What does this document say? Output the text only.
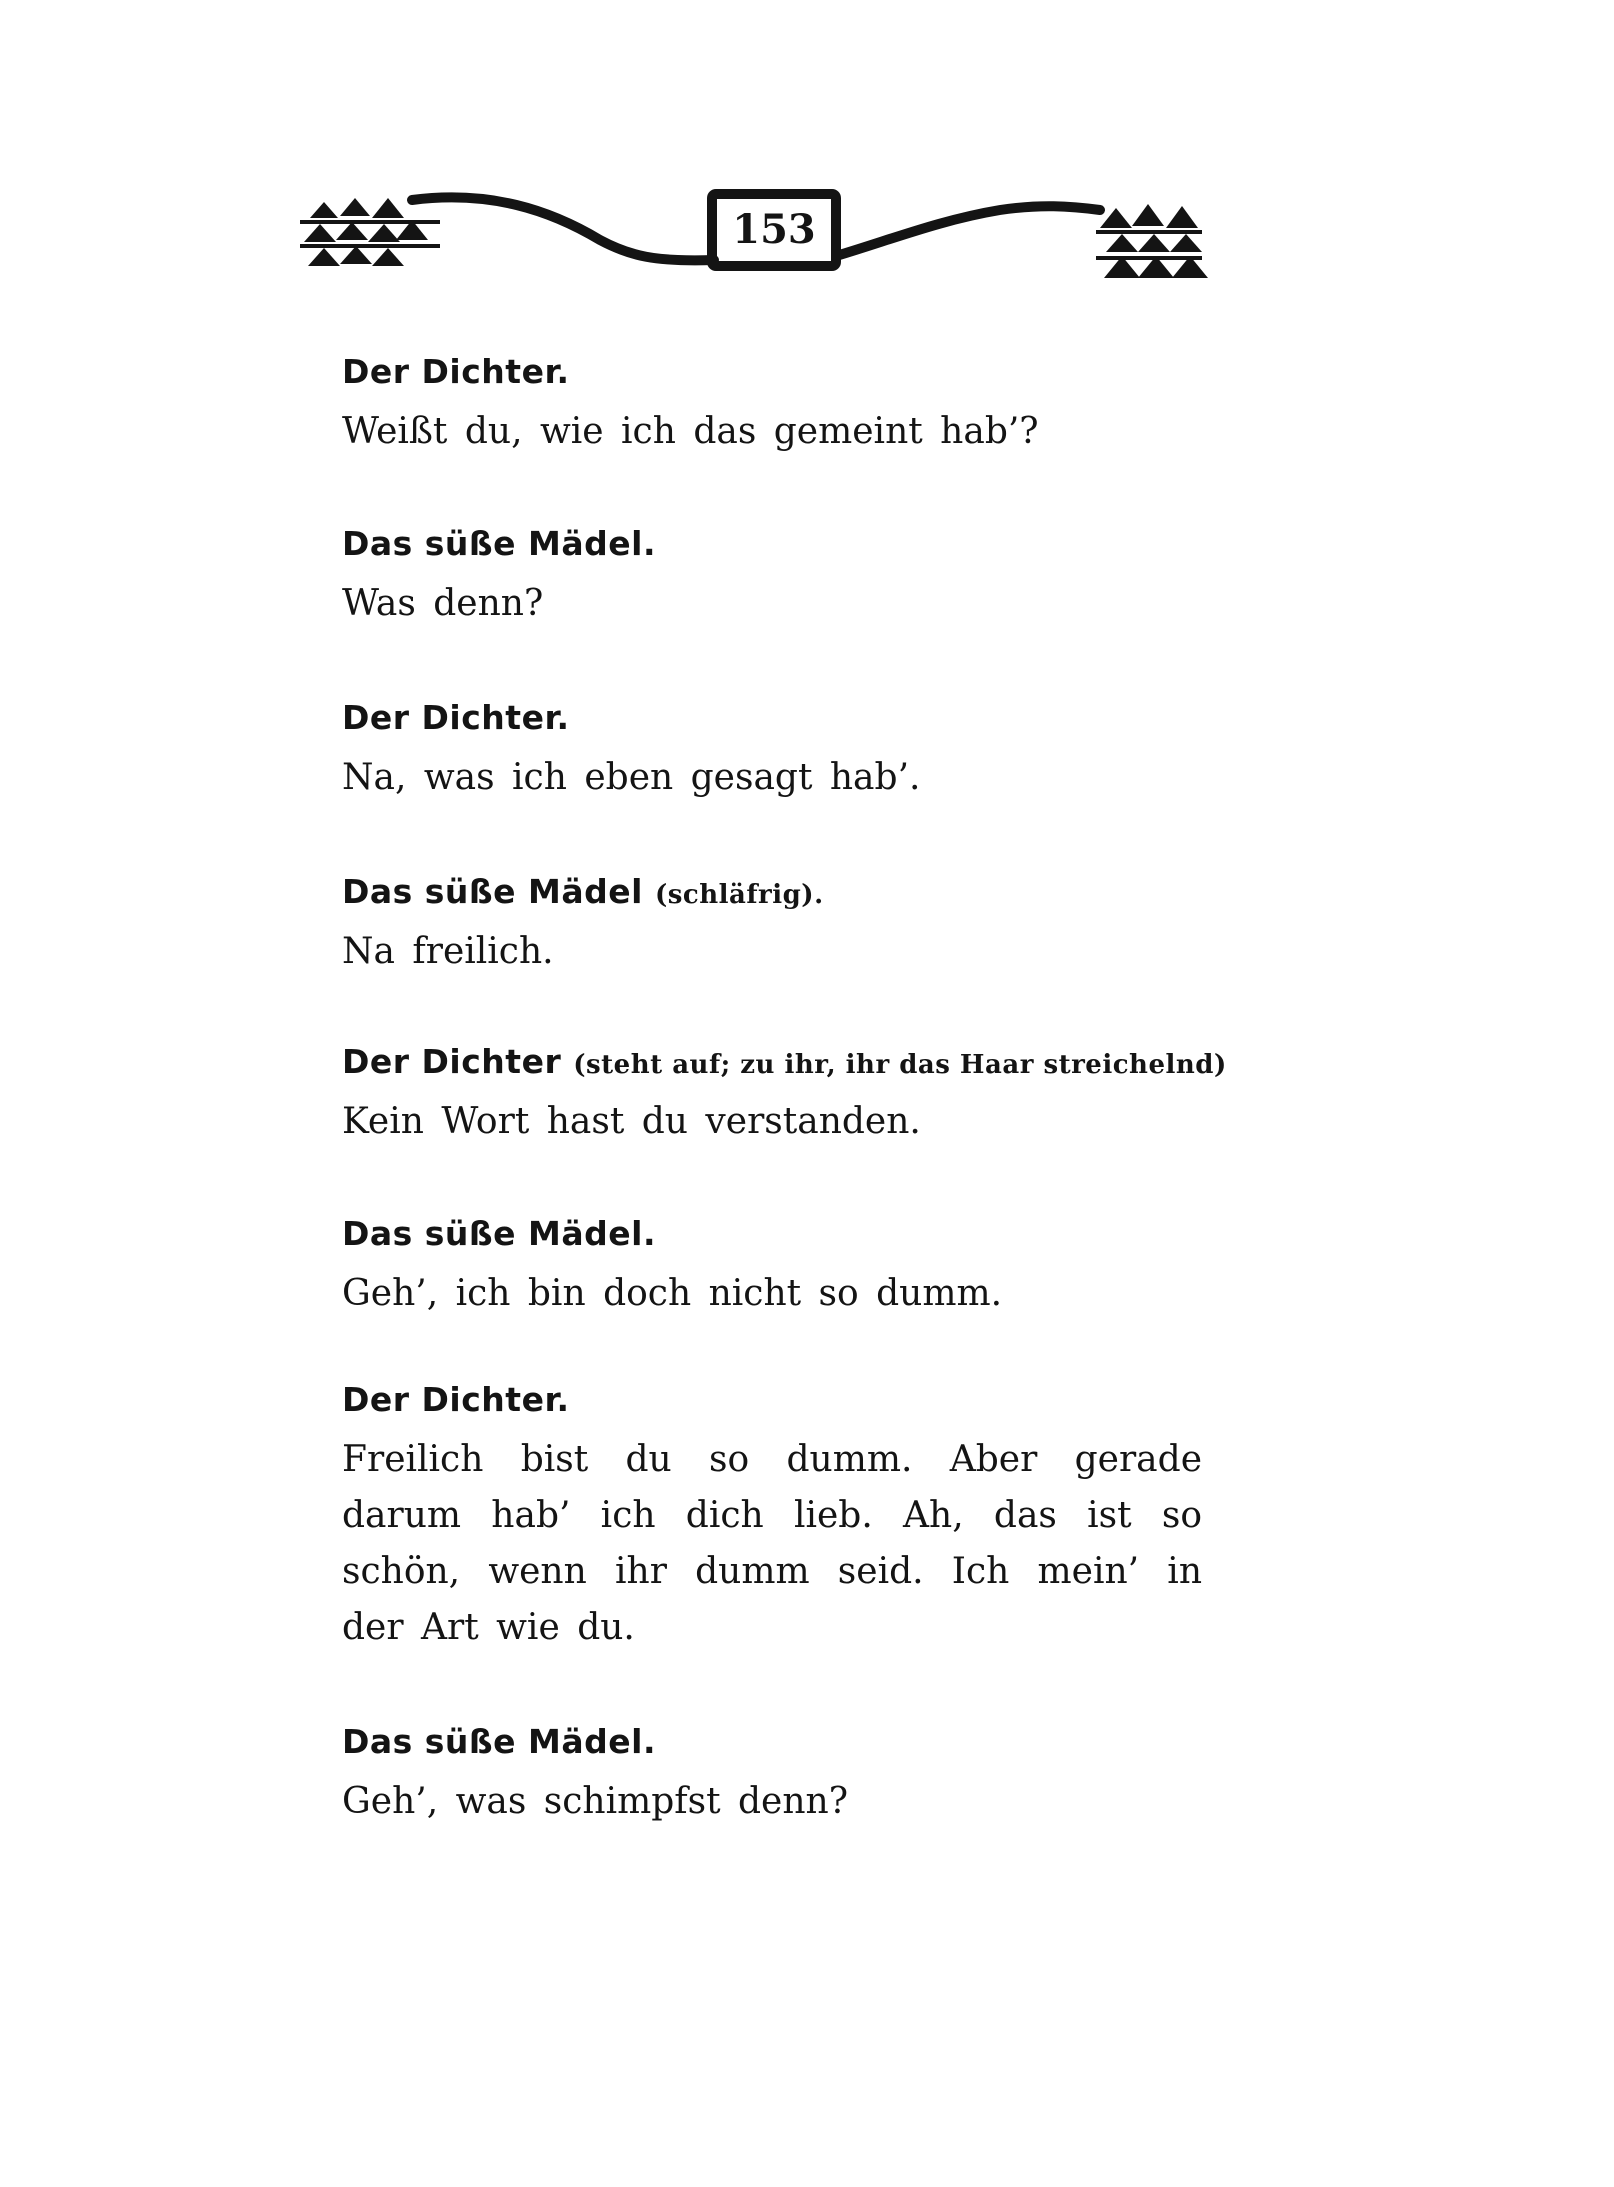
153

Der Dichter.

Weißt du, wie ich das gemeint hab’?

Das süße Mädel.

Was denn?

Der Dichter.

Na, was ich eben gesagt hab’.

Das süße Mädel (schläfrig).

Na freilich.

Der Dichter (steht auf; zu ihr, ihr das Haar streichelnd)

Kein Wort hast du verstanden.

Das süße Mädel.

Geh’, ich bin doch nicht so dumm.

Der Dichter.

Freilich bist du so dumm. Aber gerade darum hab’ ich dich lieb. Ah, das ist so schön, wenn ihr dumm seid. Ich mein’ in der Art wie du.

Das süße Mädel.

Geh’, was schimpfst denn?
